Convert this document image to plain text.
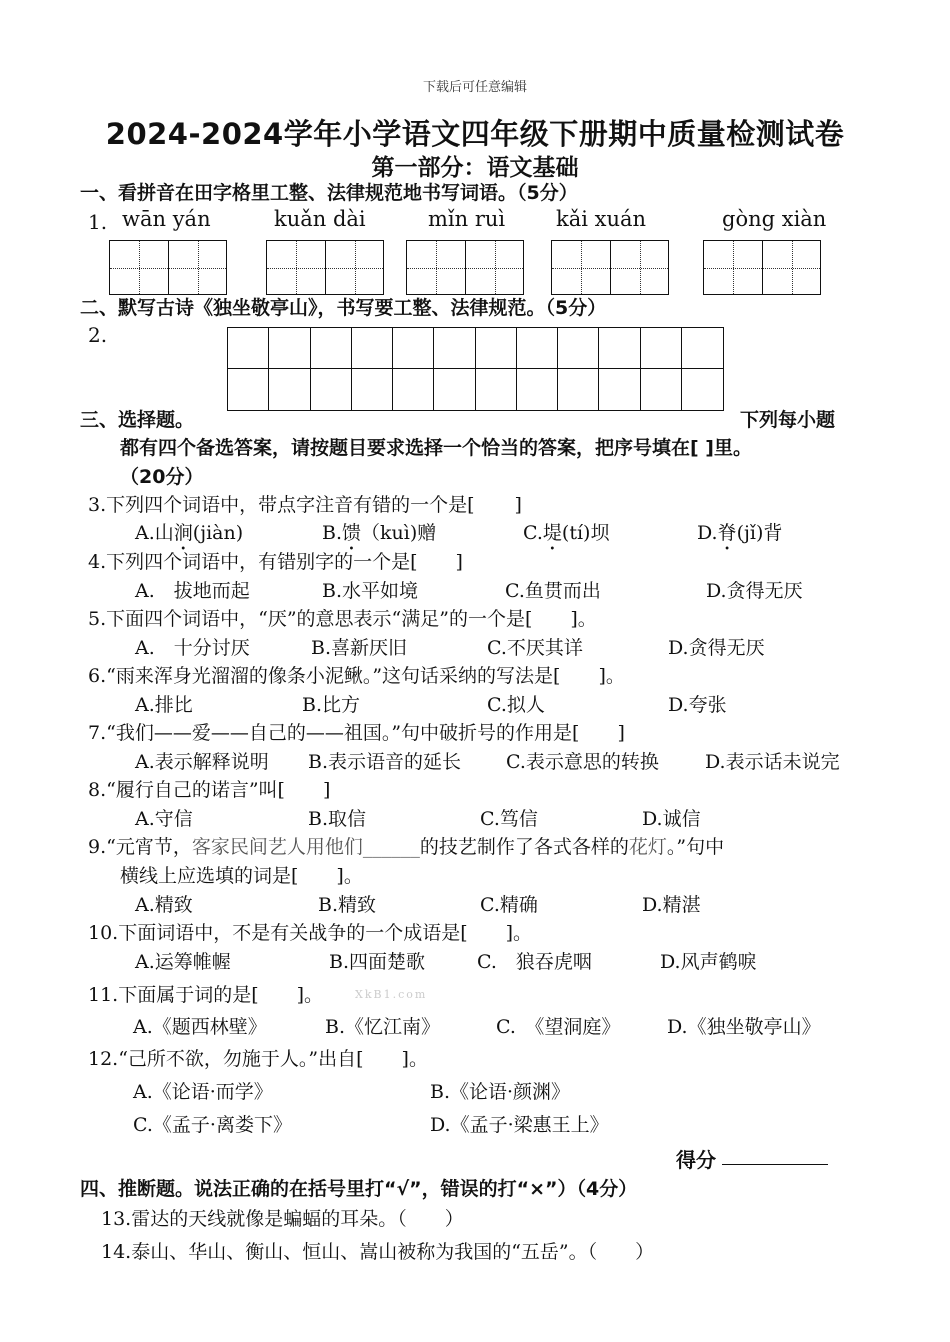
下载后可任意编辑
2024-2024学年小学语文四年级下册期中质量检测试卷
第一部分：语文基础
一、看拼音在田字格里工整、法律规范地书写词语。（5分）
1. wān yán	kuǎn dài	mǐn ruì kǎi xuán	gòng xiàn
二、默写古诗《独坐敬亭山》，书写要工整、法律规范。（5分）
2.
三、选择题。	下列每小题
都有四个备选答案，请按题目要求选择一个恰当的答案，把序号填在[ ]里。
（20分）
3.下列四个词语中，带点字注音有错的一个是[ ]
A.山涧(jiàn)	B.馈（kuì)赠	C.堤(tí)坝	D.脊(jǐ)背
4.下列四个词语中，有错别字的一个是[　　]
A.　拔地而起	B.水平如境	C.鱼贯而出	D.贪得无厌
5.下面四个词语中，“厌”的意思表示“满足”的一个是[　　]。
A.　十分讨厌	B.喜新厌旧	C.不厌其详	D.贪得无厌
6.“雨来浑身光溜溜的像条小泥鳅。”这句话采纳的写法是[　　]。
A.排比	B.比方	C.拟人	D.夸张
7.“我们——爱——自己的——祖国。”句中破折号的作用是[　　]
A.表示解释说明 B.表示语音的延长 C.表示意思的转换 D.表示话未说完
8.“履行自己的诺言”叫[　　]
A.守信	B.取信	C.笃信	D.诚信
9.“元宵节，客家民间艺人用他们______的技艺制作了各式各样的花灯。”句中
横线上应选填的词是[　　]。
A.精致	B.精致	C.精确	D.精湛
10.下面词语中，不是有关战争的一个成语是[　　]。
A.运筹帷幄	B.四面楚歌	C.　狼吞虎咽	D.风声鹤唳
11.下面属于词的是[　　]。	XkB1.com
A.《题西林壁》	B.《忆江南》	C.　《望洞庭》 D.《独坐敬亭山》
12.“己所不欲，勿施于人。”出自[　　]。
A.《论语·而学》	B.《论语·颜渊》
C.《孟子·离娄下》	D.《孟子·梁惠王上》
得分
四、推断题。说法正确的在括号里打“√”，错误的打“×”）（4分）
13.雷达的天线就像是蝙蝠的耳朵。（　　）
14.泰山、华山、衡山、恒山、嵩山被称为我国的“五岳”。（　　）
